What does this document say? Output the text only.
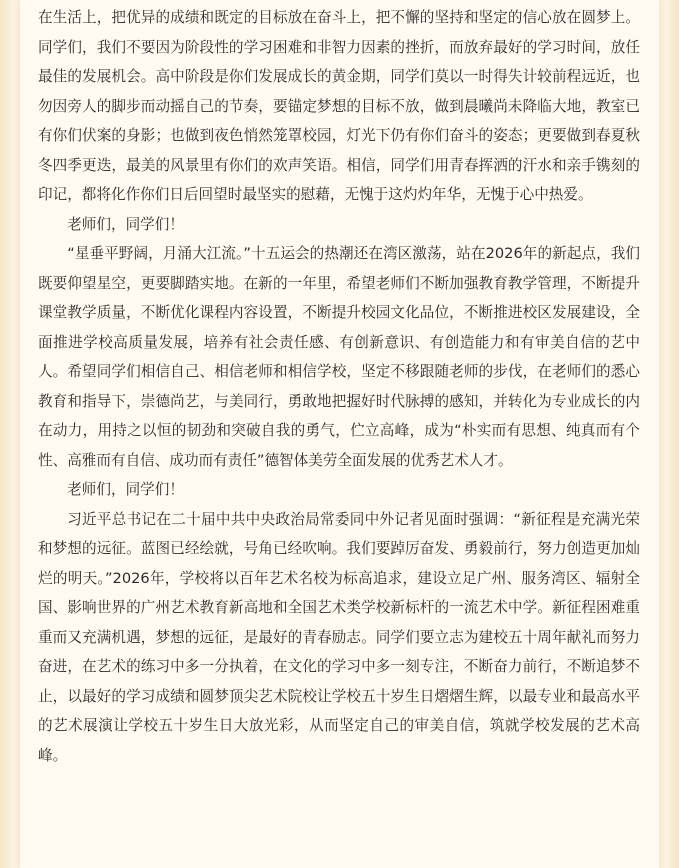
在生活上，把优异的成绩和既定的目标放在奋斗上，把不懈的坚持和坚定的信心放在圆梦上。同学们，我们不要因为阶段性的学习困难和非智力因素的挫折，而放弃最好的学习时间，放任最佳的发展机会。高中阶段是你们发展成长的黄金期，同学们莫以一时得失计较前程远近，也勿因旁人的脚步而动摇自己的节奏，要锚定梦想的目标不放，做到晨曦尚未降临大地，教室已有你们伏案的身影；也做到夜色悄然笼罩校园，灯光下仍有你们奋斗的姿态；更要做到春夏秋冬四季更迭，最美的风景里有你们的欢声笑语。相信，同学们用青春挥洒的汗水和亲手镌刻的印记，都将化作你们日后回望时最坚实的慰藉，无愧于这灼灼年华，无愧于心中热爱。

老师们，同学们！

“星垂平野阔，月涌大江流。”十五运会的热潮还在湾区激荡，站在2026年的新起点，我们既要仰望星空，更要脚踏实地。在新的一年里，希望老师们不断加强教育教学管理，不断提升课堂教学质量，不断优化课程内容设置，不断提升校园文化品位，不断推进校区发展建设，全面推进学校高质量发展，培养有社会责任感、有创新意识、有创造能力和有审美自信的艺中人。希望同学们相信自己、相信老师和相信学校，坚定不移跟随老师的步伐，在老师们的悉心教育和指导下，崇德尚艺，与美同行，勇敢地把握好时代脉搏的感知，并转化为专业成长的内在动力，用持之以恒的韧劲和突破自我的勇气，伫立高峰，成为“朴实而有思想、纯真而有个性、高雅而有自信、成功而有责任”德智体美劳全面发展的优秀艺术人才。

老师们，同学们！

习近平总书记在二十届中共中央政治局常委同中外记者见面时强调：“新征程是充满光荣和梦想的远征。蓝图已经绘就，号角已经吹响。我们要踔厉奋发、勇毅前行，努力创造更加灿烂的明天。”2026年，学校将以百年艺术名校为标高追求，建设立足广州、服务湾区、辐射全国、影响世界的广州艺术教育新高地和全国艺术类学校新标杆的一流艺术中学。新征程困难重重而又充满机遇，梦想的远征，是最好的青春励志。同学们要立志为建校五十周年献礼而努力奋进，在艺术的练习中多一分执着，在文化的学习中多一刻专注，不断奋力前行，不断追梦不止，以最好的学习成绩和圆梦顶尖艺术院校让学校五十岁生日熠熠生辉，以最专业和最高水平的艺术展演让学校五十岁生日大放光彩，从而坚定自己的审美自信，筑就学校发展的艺术高峰。
